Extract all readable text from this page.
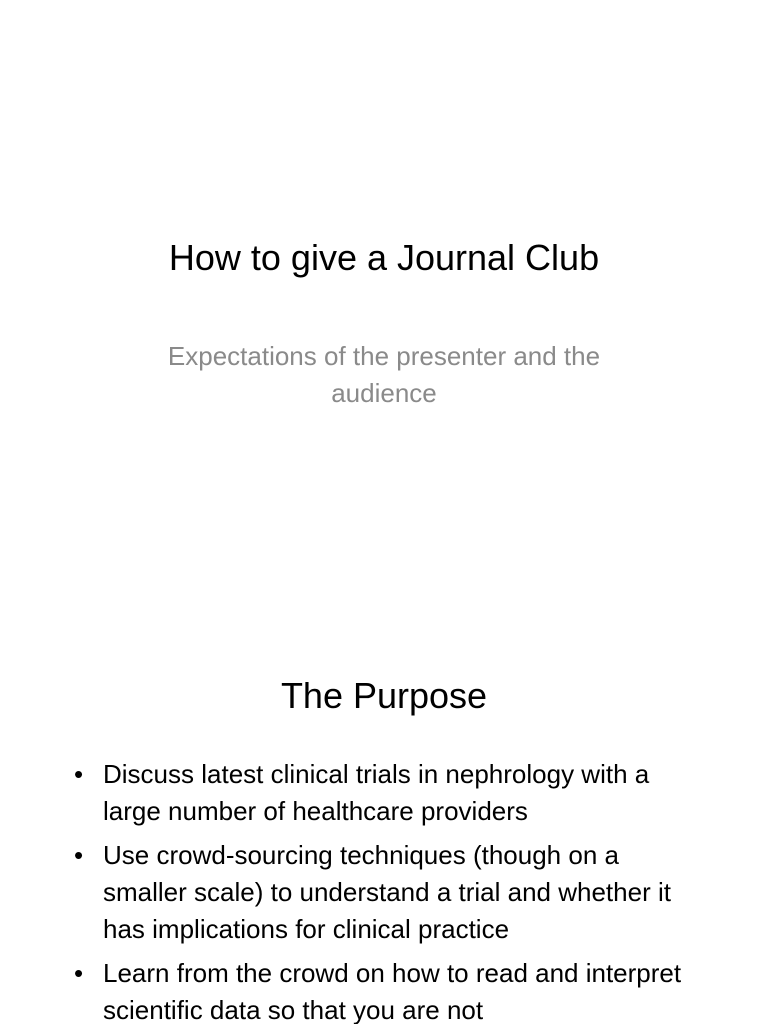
How to give a Journal Club

Expectations of the presenter and the audience

The Purpose
• Discuss latest clinical trials in nephrology with a large number of healthcare providers
• Use crowd-sourcing techniques (though on a smaller scale) to understand a trial and whether it has implications for clinical practice
• Learn from the crowd on how to read and interpret scientific data so that you are not
